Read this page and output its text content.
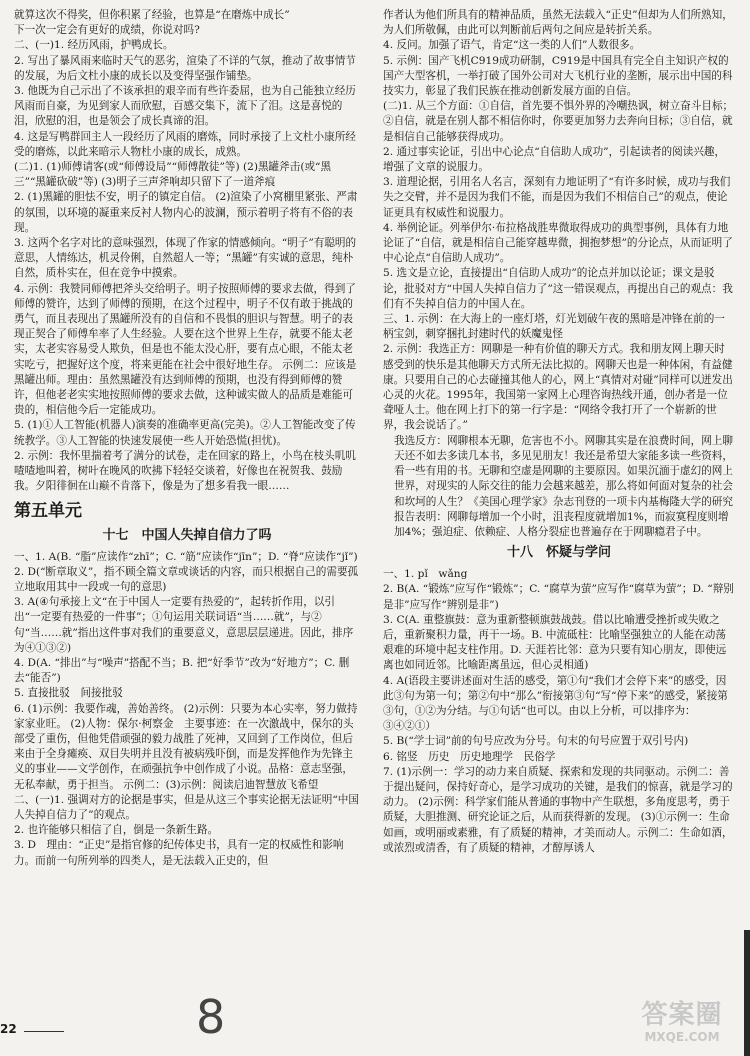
就算这次不得奖，但你积累了经验，也算是“在磨炼中成长”

下一次一定会有更好的成绩，你说对吗?

二、(一)1. 经历风雨，护鸭成长。

2. 写出了暴风雨来临时天气的恶劣，渲染了不详的气氛，推动了故事情节的发展，为后文杜小康的成长以及变得坚强作铺垫。

3. 他既为自己示出了不该承担的艰辛而有些许委屈，也为自己能独立经历风雨而自豪，为见到家人而欣慰，百感交集下，流下了泪。这是喜悦的泪，欣慰的泪，也是领会了成长真谛的泪。

4. 这是写鸭群回主人一段经历了风雨的磨炼，同时承接了上文杜小康所经受的磨炼，以此来暗示人物杜小康的成长，成熟。

(二)1. (1)师傅请客(或“师傅设局”“师傅散徒”等) (2)黑罐斧击(或“黑三”“黑罐砍破”等) (3)明子三声斧响却只留下了一道斧痕

2. (1)黑罐的胆怯不安，明子的镇定自信。 (2)渲染了小窝棚里紧张、严肃的氛围，以环境的凝重来反衬人物内心的波澜，预示着明子将有不俗的表现。

3. 这两个名字对比的意味强烈，体现了作家的情感倾向。“明子”有聪明的意思，人情练达，机灵伶俐，自然超人一等；“黑罐”有实诚的意思，纯朴自然，质朴实在，但在竞争中摸索。

4. 示例：我赞同师傅把斧头交给明子。明子按照师傅的要求去做，得到了师傅的赞许，达到了师傅的预期，在这个过程中，明子不仅有敢于挑战的勇气，而且表现出了黑罐所没有的自信和不畏惧的胆识与智慧。明子的表现正契合了师傅牟率了人生经验。人要在这个世界上生存，就要不能太老实，太老实容易受人欺负，但是也不能太没心肝，要有点心眼，不能太老实吃亏，把握好这个度，将来更能在社会中很好地生存。 示例二：应该是黑罐出师。理由：虽然黑罐没有达到师傅的预期，也没有得到师傅的赞许，但他老老实实地按照师傅的要求去做，这种诚实做人的品质是难能可贵的，相信他今后一定能成功。

5. (1)①人工智能(机器人)演奏的准确率更高(完美)。②人工智能改变了传统教学。③人工智能的快速发展使一些人开始恐慌(担忧)。

2. 示例：我怀里揣着考了满分的试卷，走在回家的路上，小鸟在枝头叽叽喳喳地叫着，树叶在晚风的吹拂下轻轻交谈着，好像也在祝贺我、鼓励我。夕阳徘徊在山巅不肯落下，像是为了想多看我一眼……

第五单元
十七　中国人失掉自信力了吗

一、1. A(B. “脂”应读作“zhī”；C. “筋”应读作“jīn”；D. “脊”应读作“jǐ”)

2. D(“断章取义”，指不顾全篇文章或谈话的内容，而只根据自己的需要孤立地取用其中一段或一句的意思)

3. A(④句承接上文“在于中国人一定要有热爱的”，起转折作用，以引出“一定要有热爱的一件事”；①句运用关联词语“当……就”，与②句“当……就”指出这件事对我们的重要意义，意思层层递进。因此，排序为④①③②)

4. D(A. “排出”与“噪声”搭配不当；B. 把“好季节”改为“好地方”；C. 删去“能否”)

5. 直接批驳　间接批驳

6. (1)示例：我要作魂，善始善终。 (2)示例：只要为本心实率，努力做持家家业旺。 (2)人物：保尔·柯察金　主要事迹：在一次激战中，保尔的头部受了重伤，但他凭借顽强的毅力战胜了死神，又回到了工作岗位，但后来由于全身瘫痪、双目失明并且没有被病残吓倒，而是发挥他作为先锋主义的事业——文学创作，在顽强抗争中创作成了小说。品格：意志坚强，无私奉献，勇于担当。 示例二：(3)示例：阅读启迪智慧放飞希望

二、(一)1. 强调对方的论据是事实，但是从这三个事实论据无法证明“中国人失掉自信力了”的观点。

2. 也许能够只相信了自，倒是一条新生路。

3. D　理由：“正史”是指官修的纪传体史书，具有一定的权威性和影响力。而前一句所列举的四类人，是无法载入正史的，但

作者认为他们所具有的精神品质，虽然无法载入“正史”但却为人们所熟知，为人们所敬佩，由此可以判断前后两句之间应是转折关系。

4. 反问。加强了语气，肯定“这一类的人们”人数很多。

5. 示例：国产飞机C919成功研制，C919是中国具有完全自主知识产权的国产大型客机，一举打破了国外公司对大飞机行业的垄断，展示出中国的科技实力，彰显了我们民族在推动创新发展方面的自信。

(二)1. 从三个方面：①自信，首先要不惧外界的冷嘲热讽，树立奋斗目标；②自信，就是在别人都不相信你时，你要更加努力去奔向目标；③自信，就是相信自己能够获得成功。

2. 通过事实论证，引出中心论点“自信助人成功”，引起读者的阅读兴趣，增强了文章的说服力。

3. 道理论据，引用名人名言，深刻有力地证明了“有许多时候，成功与我们失之交臂，并不是因为我们不能，而是因为我们不相信自己”的观点，使论证更具有权威性和说服力。

4. 举例论证。列举伊尔·布拉格战胜卑微取得成功的典型事例，具体有力地论证了“自信，就是相信自己能穿越卑微，拥抱梦想”的分论点，从而证明了中心论点“自信助人成功”。

5. 选文是立论，直接提出“自信助人成功”的论点并加以论证；课文是驳论，批驳对方“中国人失掉自信力了”这一错误观点，再提出自己的观点：我们有不失掉自信力的中国人在。

三、1. 示例：在大海上的一座灯塔，灯光划破午夜的黑暗是冲锋在前的一柄宝剑，刺穿捆扎封建时代的妖魔鬼怪

2. 示例：我选正方：网聊是一种有价值的聊天方式。我和朋友网上聊天时感受到的快乐是其他聊天方式所无法比拟的。网聊天也是一种体闲，有益健康。只要用自己的心去碰撞其他人的心，网上“真情对对碰”同样可以迸发出心灵的火花。1995年，我国第一家网上心理咨询热线开通，创办者是一位聋哑人士。他在网上打下的第一行字是：“网络令我打开了一个崭新的世界，我会说话了。”

我选反方：网聊根本无聊，危害也不小。网聊其实是在浪费时间，网上聊天还不如去多读几本书，多见见朋友！我还是希望大家能多读一些资料，看一些有用的书。无聊和空虚是网聊的主要原因。如果沉湎于虚幻的网上世界，对现实的人际交往的能力会越来越差，那么将如何面对复杂的社会和坎坷的人生？《美国心理学家》杂志刊登的一项卡内基梅隆大学的研究报告表明：网聊每增加一个小时，沮丧程度就增加1%，而寂寞程度则增加4%；强迫症、依赖症、人格分裂症也普遍存在于网聊瘾君子中。

十八　怀疑与学问

一、1. pǐ　wǎng

2. B(A. “锻炼”应写作“锻炼”；C. “腐草为萤”应写作“腐草为萤”；D. “辩别是非”应写作“辨别是非”)

3. C(A. 重整旗鼓：意为重新整顿旗鼓战鼓。借以比喻遭受挫折或失败之后，重新聚积力量，再干一场。B. 中流砥柱：比喻坚强独立的人能在动荡艰难的环境中起支柱作用。D. 天涯若比邻：意为只要有知心朋友，即使远离也如同近邻。比喻距离虽远，但心灵相通)

4. A(语段主要讲述面对生活的感受，第①句“我们才会停下来”的感受，因此③句为第一句；第②句中“那么”衔接第③句“写“停下来”的感受，紧接第③句，①②为分结。与①句话“也可以。由以上分析，可以排序为：③④②①）

5. B(“学士词”前的句号应改为分号。句末的句号应置于双引号内)

6. 铭竖　历史　历史地理学　民俗学

7. (1)示例一：学习的动力来自质疑、探索和发现的共同驱动。示例二：善于提出疑问，保持好奇心，是学习成功的关键，是我们的惊喜，就是学习的动力。 (2)示例：科学家们能从普通的事物中产生联想，多角度思考，勇于质疑，大胆推测、研究论证之后，从而获得新的发现。 (3)①示例一：生命如画，或明丽或素雅，有了质疑的精神，才美而动人。示例二：生命如酒，或浓烈或清香，有了质疑的精神，才醇厚诱人

22	8	答案圈
MXQE.COM
